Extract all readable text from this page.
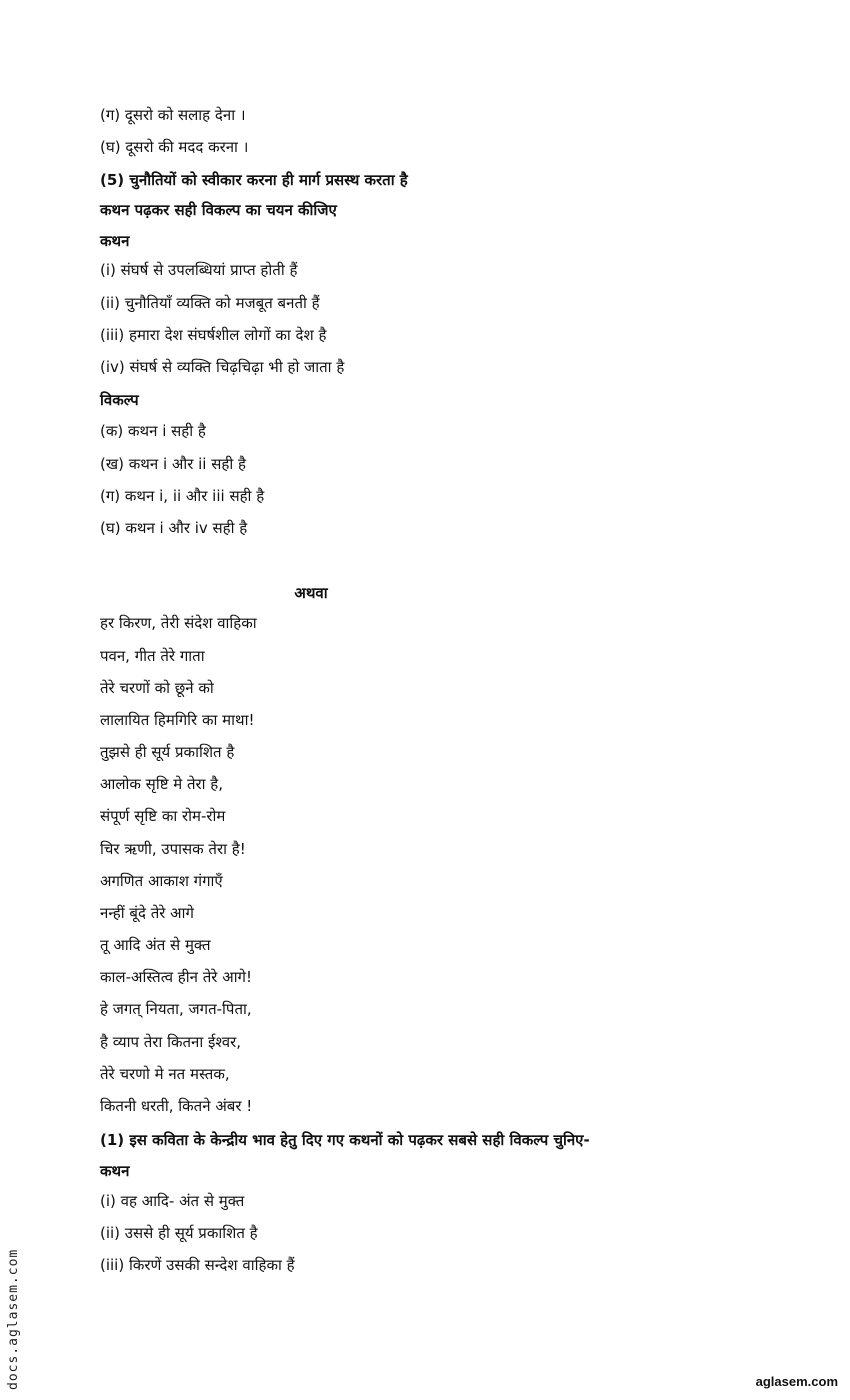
(ग) दूसरो को सलाह देना ।
(घ) दूसरो की मदद करना ।
(5) चुनौतियों को स्वीकार करना ही मार्ग प्रसस्थ करता है
कथन पढ़कर सही विकल्प का चयन कीजिए
कथन
(i) संघर्ष से उपलब्धियां प्राप्त होती हैं
(ii) चुनौतियाँ व्यक्ति को मजबूत बनती हैं
(iii) हमारा देश संघर्षशील लोगों का देश है
(iv) संघर्ष से व्यक्ति चिढ़चिढ़ा भी हो जाता है
विकल्प
(क) कथन i सही है
(ख) कथन i और ii सही है
(ग) कथन i, ii और iii सही है
(घ) कथन i और iv सही है
अथवा
हर किरण, तेरी संदेश वाहिका
पवन, गीत तेरे गाता
तेरे चरणों को छूने को
लालायित हिमगिरि का माथा!
तुझसे ही सूर्य प्रकाशित है
आलोक सृष्टि मे तेरा है,
संपूर्ण सृष्टि का रोम-रोम
चिर ऋणी, उपासक तेरा है!
अगणित आकाश गंगाएँ
नन्हीं बूंदे तेरे आगे
तू आदि अंत से मुक्त
काल-अस्तित्व हीन तेरे आगे!
हे जगत् नियता, जगत-पिता,
है व्याप तेरा कितना ईश्वर,
तेरे चरणो मे नत मस्तक,
कितनी धरती, कितने अंबर !
(1) इस कविता के केन्द्रीय भाव हेतु दिए गए कथनों को पढ़कर सबसे सही विकल्प चुनिए-
कथन
(i) वह आदि- अंत से मुक्त
(ii) उससे ही सूर्य प्रकाशित है
(iii) किरणें उसकी सन्देश वाहिका हैं
docs.aglasem.com	aglasem.com
